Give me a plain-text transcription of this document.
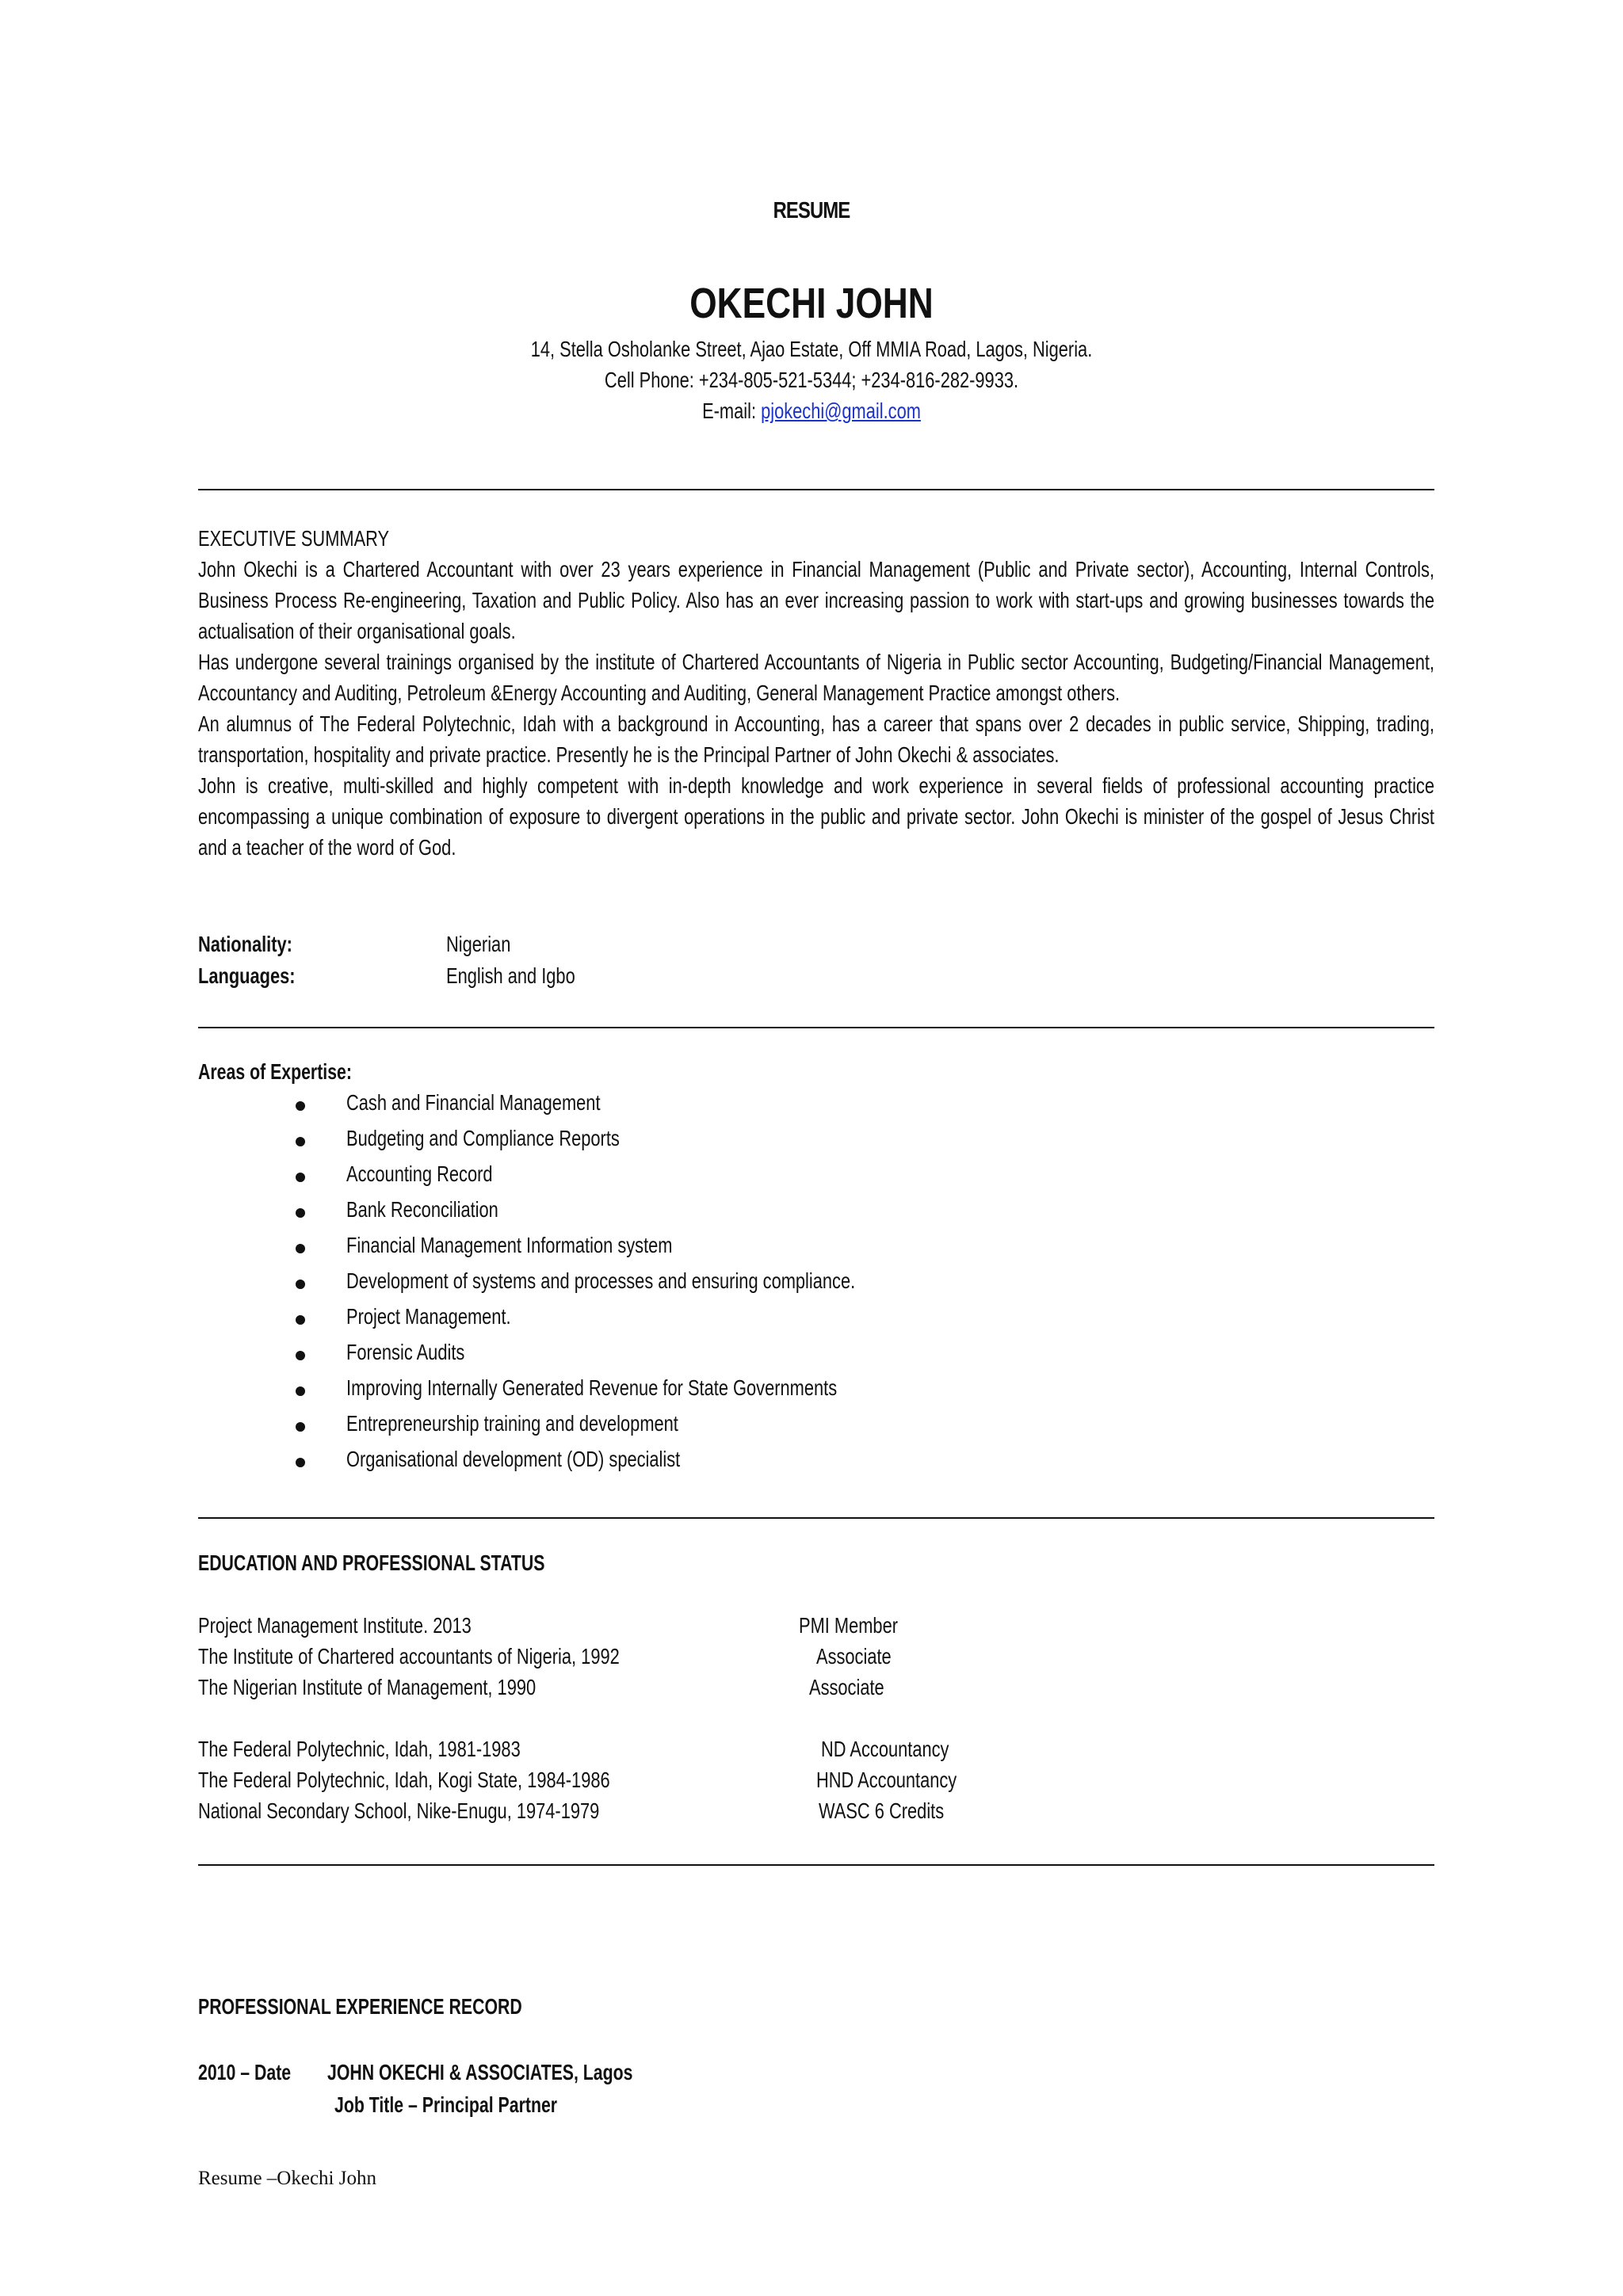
RESUME
OKECHI JOHN
14, Stella Osholanke Street, Ajao Estate, Off MMIA Road, Lagos, Nigeria.
Cell Phone: +234-805-521-5344; +234-816-282-9933.
E-mail: pjokechi@gmail.com

EXECUTIVE SUMMARY

John Okechi is a Chartered Accountant with over 23 years experience in Financial Management (Public and Private sector), Accounting, Internal Controls, Business Process Re-engineering, Taxation and Public Policy. Also has an ever increasing passion to work with start-ups and growing businesses towards the actualisation of their organisational goals.

Has undergone several trainings organised by the institute of Chartered Accountants of Nigeria in Public sector Accounting, Budgeting/Financial Management, Accountancy and Auditing, Petroleum &Energy Accounting and Auditing, General Management Practice amongst others.

An alumnus of The Federal Polytechnic, Idah with a background in Accounting, has a career that spans over 2 decades in public service, Shipping, trading, transportation, hospitality and private practice. Presently he is the Principal Partner of John Okechi & associates.

John is creative, multi-skilled and highly competent with in-depth knowledge and work experience in several fields of professional accounting practice encompassing a unique combination of exposure to divergent operations in the public and private sector. John Okechi is minister of the gospel of Jesus Christ and a teacher of the word of God.

Nationality:	Nigerian
Languages:	English and Igbo
Areas of Expertise:
Cash and Financial Management
Budgeting and Compliance Reports
Accounting Record
Bank Reconciliation
Financial Management Information system
Development of systems and processes and ensuring compliance.
Project Management.
Forensic Audits
Improving Internally Generated Revenue for State Governments
Entrepreneurship training and development
Organisational development (OD) specialist
EDUCATION AND PROFESSIONAL STATUS
Project Management Institute. 2013	PMI Member
The Institute of Chartered accountants of Nigeria, 1992	Associate
The Nigerian Institute of Management, 1990	Associate
The Federal Polytechnic, Idah, 1981-1983	ND Accountancy
The Federal Polytechnic, Idah, Kogi State, 1984-1986	HND Accountancy
National Secondary School, Nike-Enugu, 1974-1979	WASC 6 Credits
PROFESSIONAL EXPERIENCE RECORD
2010 – Date JOHN OKECHI & ASSOCIATES, Lagos
Job Title – Principal Partner
Resume –Okechi John
